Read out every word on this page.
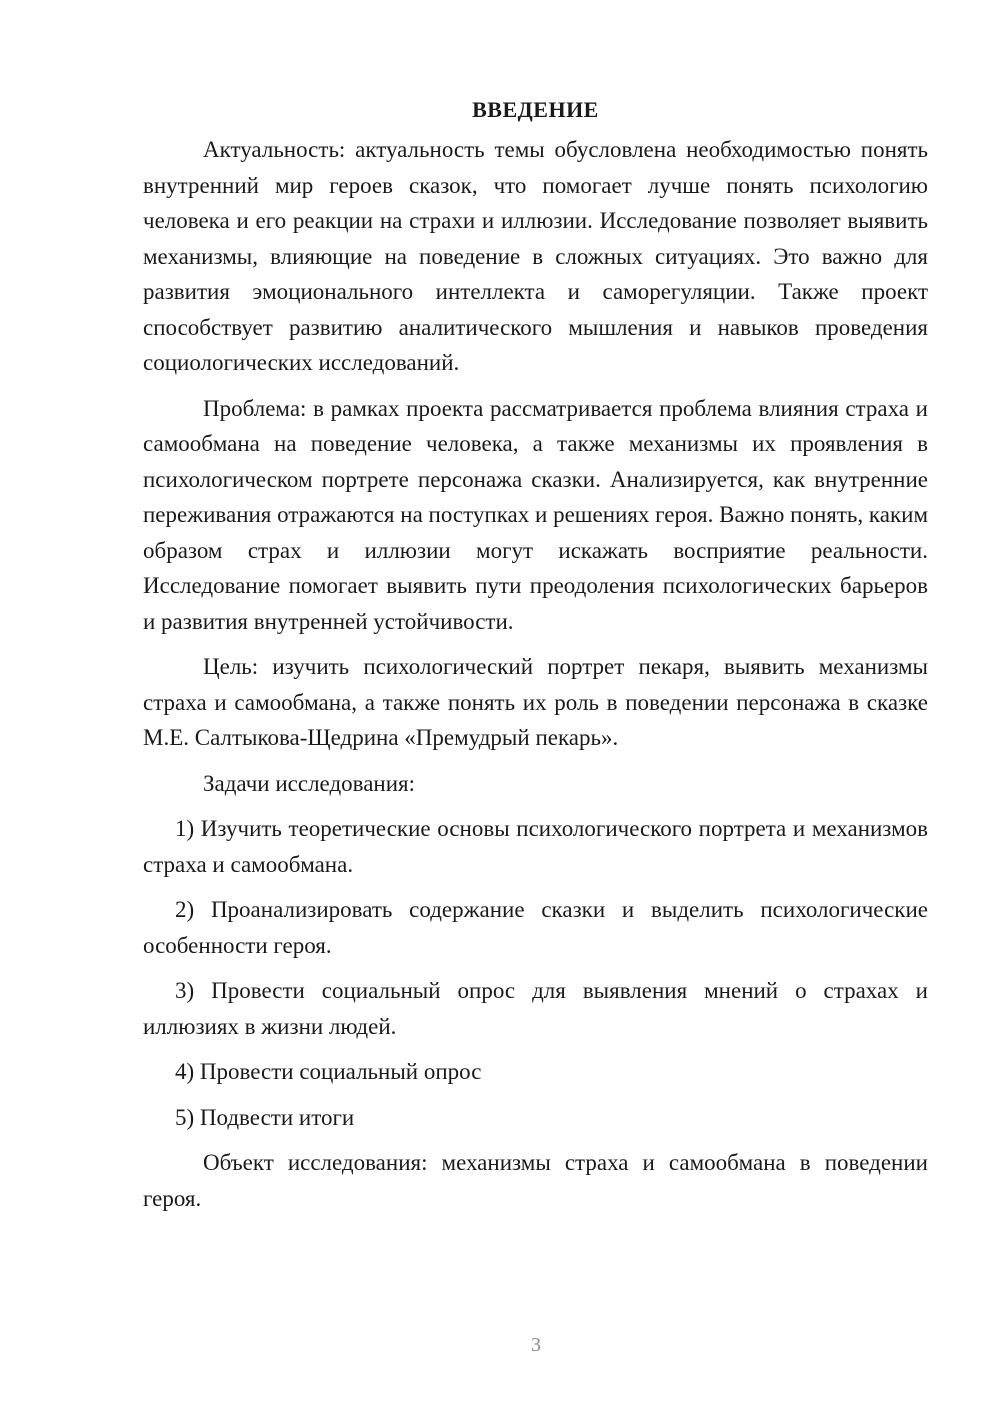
ВВЕДЕНИЕ

Актуальность: актуальность темы обусловлена необходимостью понять внутренний мир героев сказок, что помогает лучше понять психологию человека и его реакции на страхи и иллюзии. Исследование позволяет выявить механизмы, влияющие на поведение в сложных ситуациях. Это важно для развития эмоционального интеллекта и саморегуляции. Также проект способствует развитию аналитического мышления и навыков проведения социологических исследований.

Проблема: в рамках проекта рассматривается проблема влияния страха и самообмана на поведение человека, а также механизмы их проявления в психологическом портрете персонажа сказки. Анализируется, как внутренние переживания отражаются на поступках и решениях героя. Важно понять, каким образом страх и иллюзии могут искажать восприятие реальности. Исследование помогает выявить пути преодоления психологических барьеров и развития внутренней устойчивости.

Цель: изучить психологический портрет пекаря, выявить механизмы страха и самообмана, а также понять их роль в поведении персонажа в сказке М.Е. Салтыкова-Щедрина «Премудрый пекарь».

Задачи исследования:

1) Изучить теоретические основы психологического портрета и механизмов страха и самообмана.

2) Проанализировать содержание сказки и выделить психологические особенности героя.

3) Провести социальный опрос для выявления мнений о страхах и иллюзиях в жизни людей.

4) Провести социальный опрос

5) Подвести итоги

Объект исследования: механизмы страха и самообмана в поведении героя.

3
